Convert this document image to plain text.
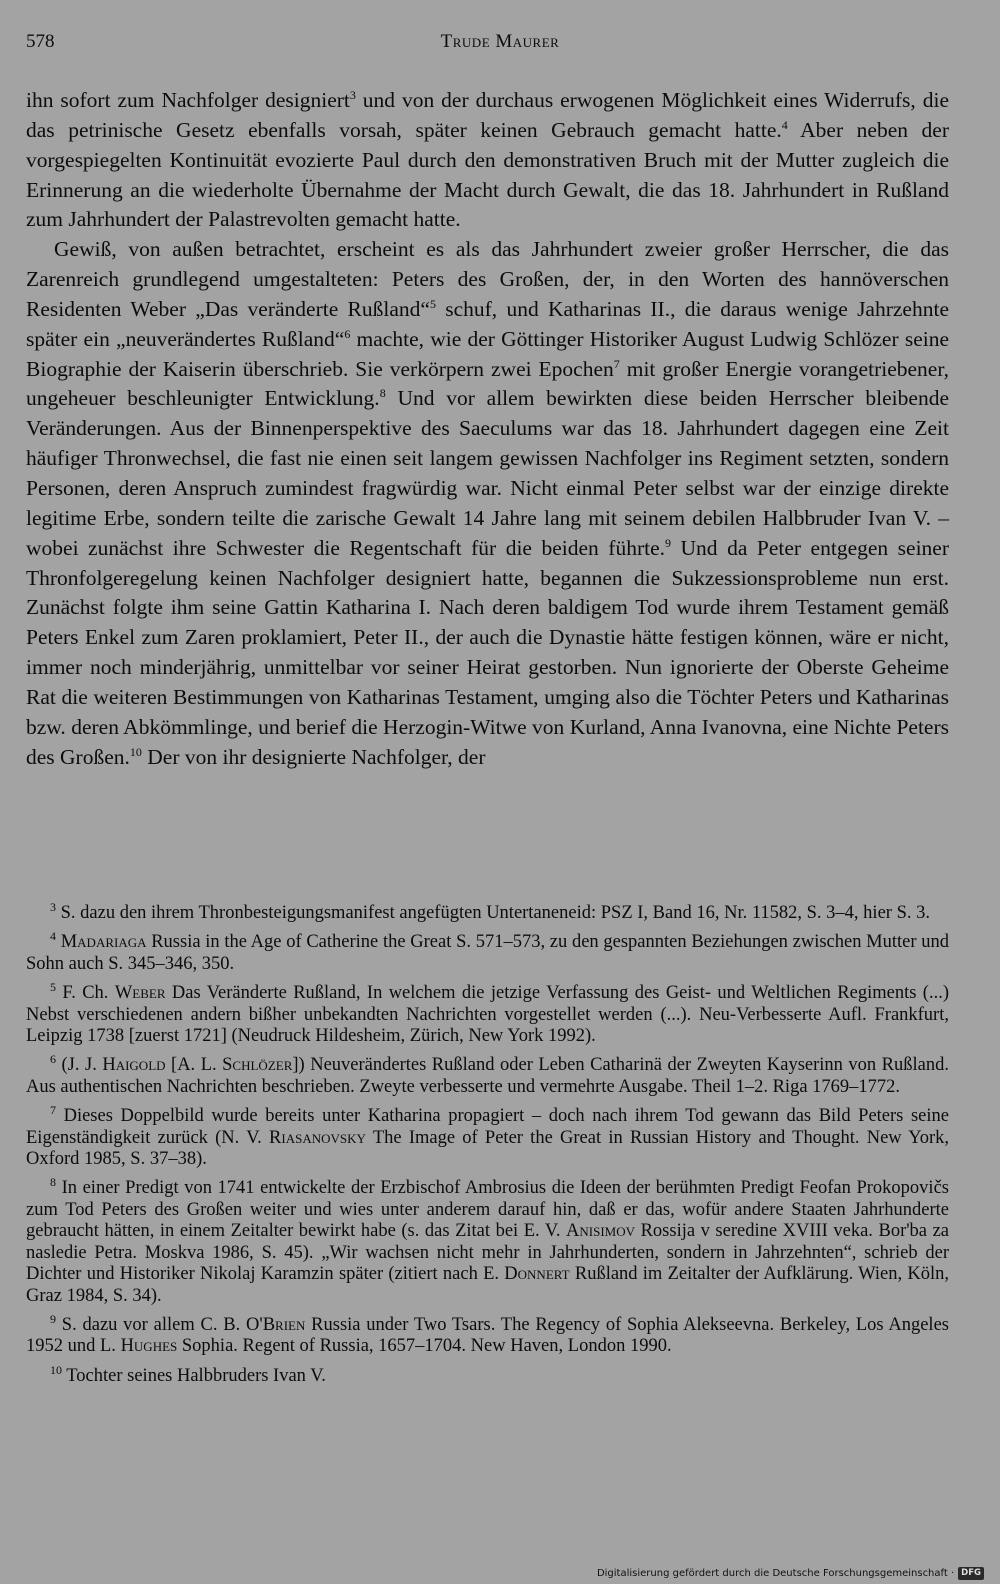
578	Trude Maurer

ihn sofort zum Nachfolger designiert$^3$ und von der durchaus erwogenen Möglichkeit eines Widerrufs, die das petrinische Gesetz ebenfalls vorsah, später keinen Gebrauch gemacht hatte.$^4$ Aber neben der vorgespiegelten Kontinuität evozierte Paul durch den demonstrativen Bruch mit der Mutter zugleich die Erinnerung an die wiederholte Übernahme der Macht durch Gewalt, die das 18. Jahrhundert in Rußland zum Jahrhundert der Palastrevolten gemacht hatte.

Gewiß, von außen betrachtet, erscheint es als das Jahrhundert zweier großer Herrscher, die das Zarenreich grundlegend umgestalteten: Peters des Großen, der, in den Worten des hannöverschen Residenten Weber „Das veränderte Rußland“$^5$ schuf, und Katharinas II., die daraus wenige Jahrzehnte später ein „neuverändertes Rußland“$^6$ machte, wie der Göttinger Historiker August Ludwig Schlözer seine Biographie der Kaiserin überschrieb. Sie verkörpern zwei Epochen$^7$ mit großer Energie vorangetriebener, ungeheuer beschleunigter Entwicklung.$^8$ Und vor allem bewirkten diese beiden Herrscher bleibende Veränderungen. Aus der Binnenperspektive des Saeculums war das 18. Jahrhundert dagegen eine Zeit häufiger Thronwechsel, die fast nie einen seit langem gewissen Nachfolger ins Regiment setzten, sondern Personen, deren Anspruch zumindest fragwürdig war. Nicht einmal Peter selbst war der einzige direkte legitime Erbe, sondern teilte die zarische Gewalt 14 Jahre lang mit seinem debilen Halbbruder Ivan V. – wobei zunächst ihre Schwester die Regentschaft für die beiden führte.$^9$ Und da Peter entgegen seiner Thronfolgeregelung keinen Nachfolger designiert hatte, begannen die Sukzessionsprobleme nun erst. Zunächst folgte ihm seine Gattin Katharina I. Nach deren baldigem Tod wurde ihrem Testament gemäß Peters Enkel zum Zaren proklamiert, Peter II., der auch die Dynastie hätte festigen können, wäre er nicht, immer noch minderjährig, unmittelbar vor seiner Heirat gestorben. Nun ignorierte der Oberste Geheime Rat die weiteren Bestimmungen von Katharinas Testament, umging also die Töchter Peters und Katharinas bzw. deren Abkömmlinge, und berief die Herzogin-Witwe von Kurland, Anna Ivanovna, eine Nichte Peters des Großen.$^{10}$ Der von ihr designierte Nachfolger, der

$^3$ S. dazu den ihrem Thronbesteigungsmanifest angefügten Untertaneneid: PSZ I, Band 16, Nr. 11582, S. 3–4, hier S. 3.

$^4$ Madariaga Russia in the Age of Catherine the Great S. 571–573, zu den gespannten Beziehungen zwischen Mutter und Sohn auch S. 345–346, 350.

$^5$ F. Ch. Weber Das Veränderte Rußland, In welchem die jetzige Verfassung des Geist- und Weltlichen Regiments (...) Nebst verschiedenen andern bißher unbekandten Nachrichten vorgestellet werden (...). Neu-Verbesserte Aufl. Frankfurt, Leipzig 1738 [zuerst 1721] (Neudruck Hildesheim, Zürich, New York 1992).

$^6$ (J. J. Haigold [A. L. Schlözer]) Neuverändertes Rußland oder Leben Catharinä der Zweyten Kayserinn von Rußland. Aus authentischen Nachrichten beschrieben. Zweyte verbesserte und vermehrte Ausgabe. Theil 1–2. Riga 1769–1772.

$^7$ Dieses Doppelbild wurde bereits unter Katharina propagiert – doch nach ihrem Tod gewann das Bild Peters seine Eigenständigkeit zurück (N. V. Riasanovsky The Image of Peter the Great in Russian History and Thought. New York, Oxford 1985, S. 37–38).

$^8$ In einer Predigt von 1741 entwickelte der Erzbischof Ambrosius die Ideen der berühmten Predigt Feofan Prokopovičs zum Tod Peters des Großen weiter und wies unter anderem darauf hin, daß er das, wofür andere Staaten Jahrhunderte gebraucht hätten, in einem Zeitalter bewirkt habe (s. das Zitat bei E. V. Anisimov Rossija v seredine XVIII veka. Bor'ba za nasledie Petra. Moskva 1986, S. 45). „Wir wachsen nicht mehr in Jahrhunderten, sondern in Jahrzehnten“, schrieb der Dichter und Historiker Nikolaj Karamzin später (zitiert nach E. Donnert Rußland im Zeitalter der Aufklärung. Wien, Köln, Graz 1984, S. 34).

$^9$ S. dazu vor allem C. B. O'Brien Russia under Two Tsars. The Regency of Sophia Alekseevna. Berkeley, Los Angeles 1952 und L. Hughes Sophia. Regent of Russia, 1657–1704. New Haven, London 1990.

$^{10}$ Tochter seines Halbbruders Ivan V.

Digitalisierung gefördert durch die Deutsche Forschungsgemeinschaft · DFG
